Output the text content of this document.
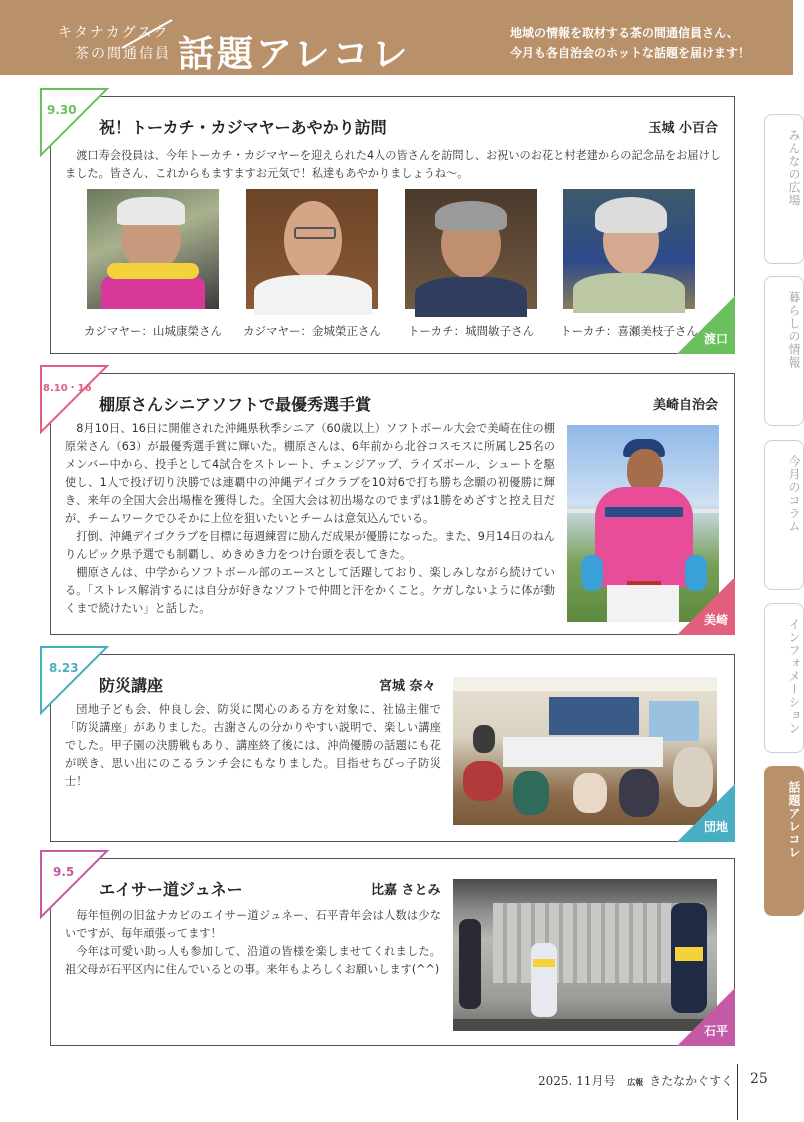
キタナカグスク
茶の間通信員 話題アレコレ
地域の情報を取材する茶の間通信員さん、
今月も各自治会のホットな話題を届けます！
みんなの広場
暮らしの情報
今月のコラム
インフォメーション
話題アレコレ
9.30
祝！トーカチ・カジマヤーあやかり訪問	玉城 小百合

渡口寿会役員は、今年トーカチ・カジマヤーを迎えられた4人の皆さんを訪問し、お祝いのお花と村老建からの記念品をお届けしました。皆さん、これからもますますお元気で！私達もあやかりましょうね～。

カジマヤー：山城康榮さん	カジマヤー：金城榮正さん	トーカチ：城間敏子さん	トーカチ：喜瀬美枝子さん
渡口
8.10・16
棚原さんシニアソフトで最優秀選手賞	美崎自治会

8月10日、16日に開催された沖縄県秋季シニア（60歳以上）ソフトボール大会で美崎在住の棚原栄さん（63）が最優秀選手賞に輝いた。棚原さんは、6年前から北谷コスモスに所属し25名のメンバー中から、投手として4試合をストレート、チェンジアップ、ライズボール、シュートを駆使し、1人で投げ切り決勝では連覇中の沖縄デイゴクラブを10対6で打ち勝ち念願の初優勝に輝き、来年の全国大会出場権を獲得した。全国大会は初出場なのでまずは1勝をめざすと控え目だが、チームワークでひそかに上位を狙いたいとチームは意気込んでいる。

打倒、沖縄デイゴクラブを目標に毎週練習に励んだ成果が優勝になった。また、9月14日のねんりんピック県予選でも制覇し、めきめき力をつけ台頭を表してきた。

棚原さんは、中学からソフトボール部のエースとして活躍しており、楽しみしながら続けている。「ストレス解消するには自分が好きなソフトで仲間と汗をかくこと。ケガしないように体が動くまで続けたい」と話した。

美崎
8.23
防災講座	宮城 奈々

団地子ども会、仲良し会、防災に関心のある方を対象に、社協主催で「防災講座」がありました。古謝さんの分かりやすい説明で、楽しい講座でした。甲子園の決勝戦もあり、講座終了後には、沖尚優勝の話題にも花が咲き、思い出にのこるランチ会にもなりました。目指せちびっ子防災士！

団地
9.5
エイサー道ジュネー	比嘉 さとみ

毎年恒例の旧盆ナカビのエイサー道ジュネー、石平青年会は人数は少ないですが、毎年頑張ってます！

今年は可愛い助っ人も参加して、沿道の皆様を楽しませてくれました。祖父母が石平区内に住んでいるとの事。来年もよろしくお願いします(^^)

石平
2025. 11月号 広報 きたなかぐすく 25
